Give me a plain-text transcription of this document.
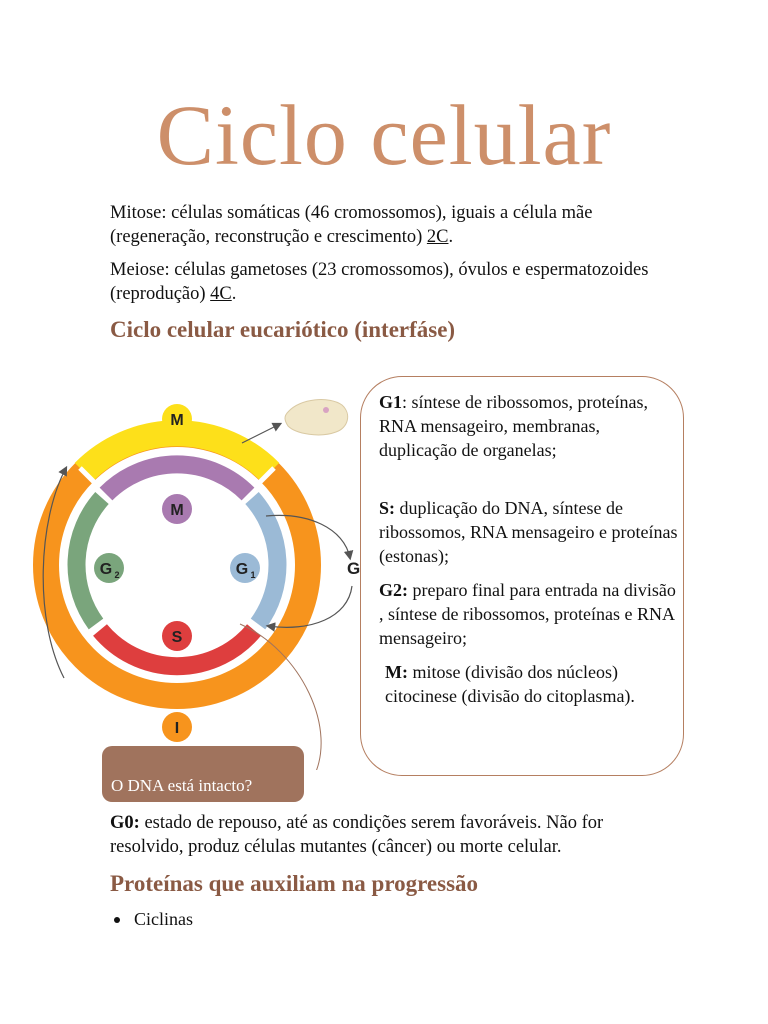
Ciclo celular
Mitose: células somáticas (46 cromossomos), iguais a célula mãe (regeneração, reconstrução e crescimento) 2C.
Meiose: células gametoses (23 cromossomos), óvulos e espermatozoides (reprodução) 4C.
Ciclo celular eucariótico (interfáse)
M
M
G 2	G 1
S
I
G

G1: síntese de ribossomos, proteínas, RNA mensageiro, membranas, duplicação de organelas;

S: duplicação do DNA, síntese de ribossomos, RNA mensageiro e proteínas (estonas);

G2: preparo final para entrada na divisão , síntese de ribossomos, proteínas e RNA mensageiro;

M: mitose (divisão dos núcleos) citocinese (divisão do citoplasma).

O DNA está intacto?
G0: estado de repouso, até as condições serem favoráveis. Não for resolvido, produz células mutantes (câncer) ou morte celular.
Proteínas que auxiliam na progressão
Ciclinas
